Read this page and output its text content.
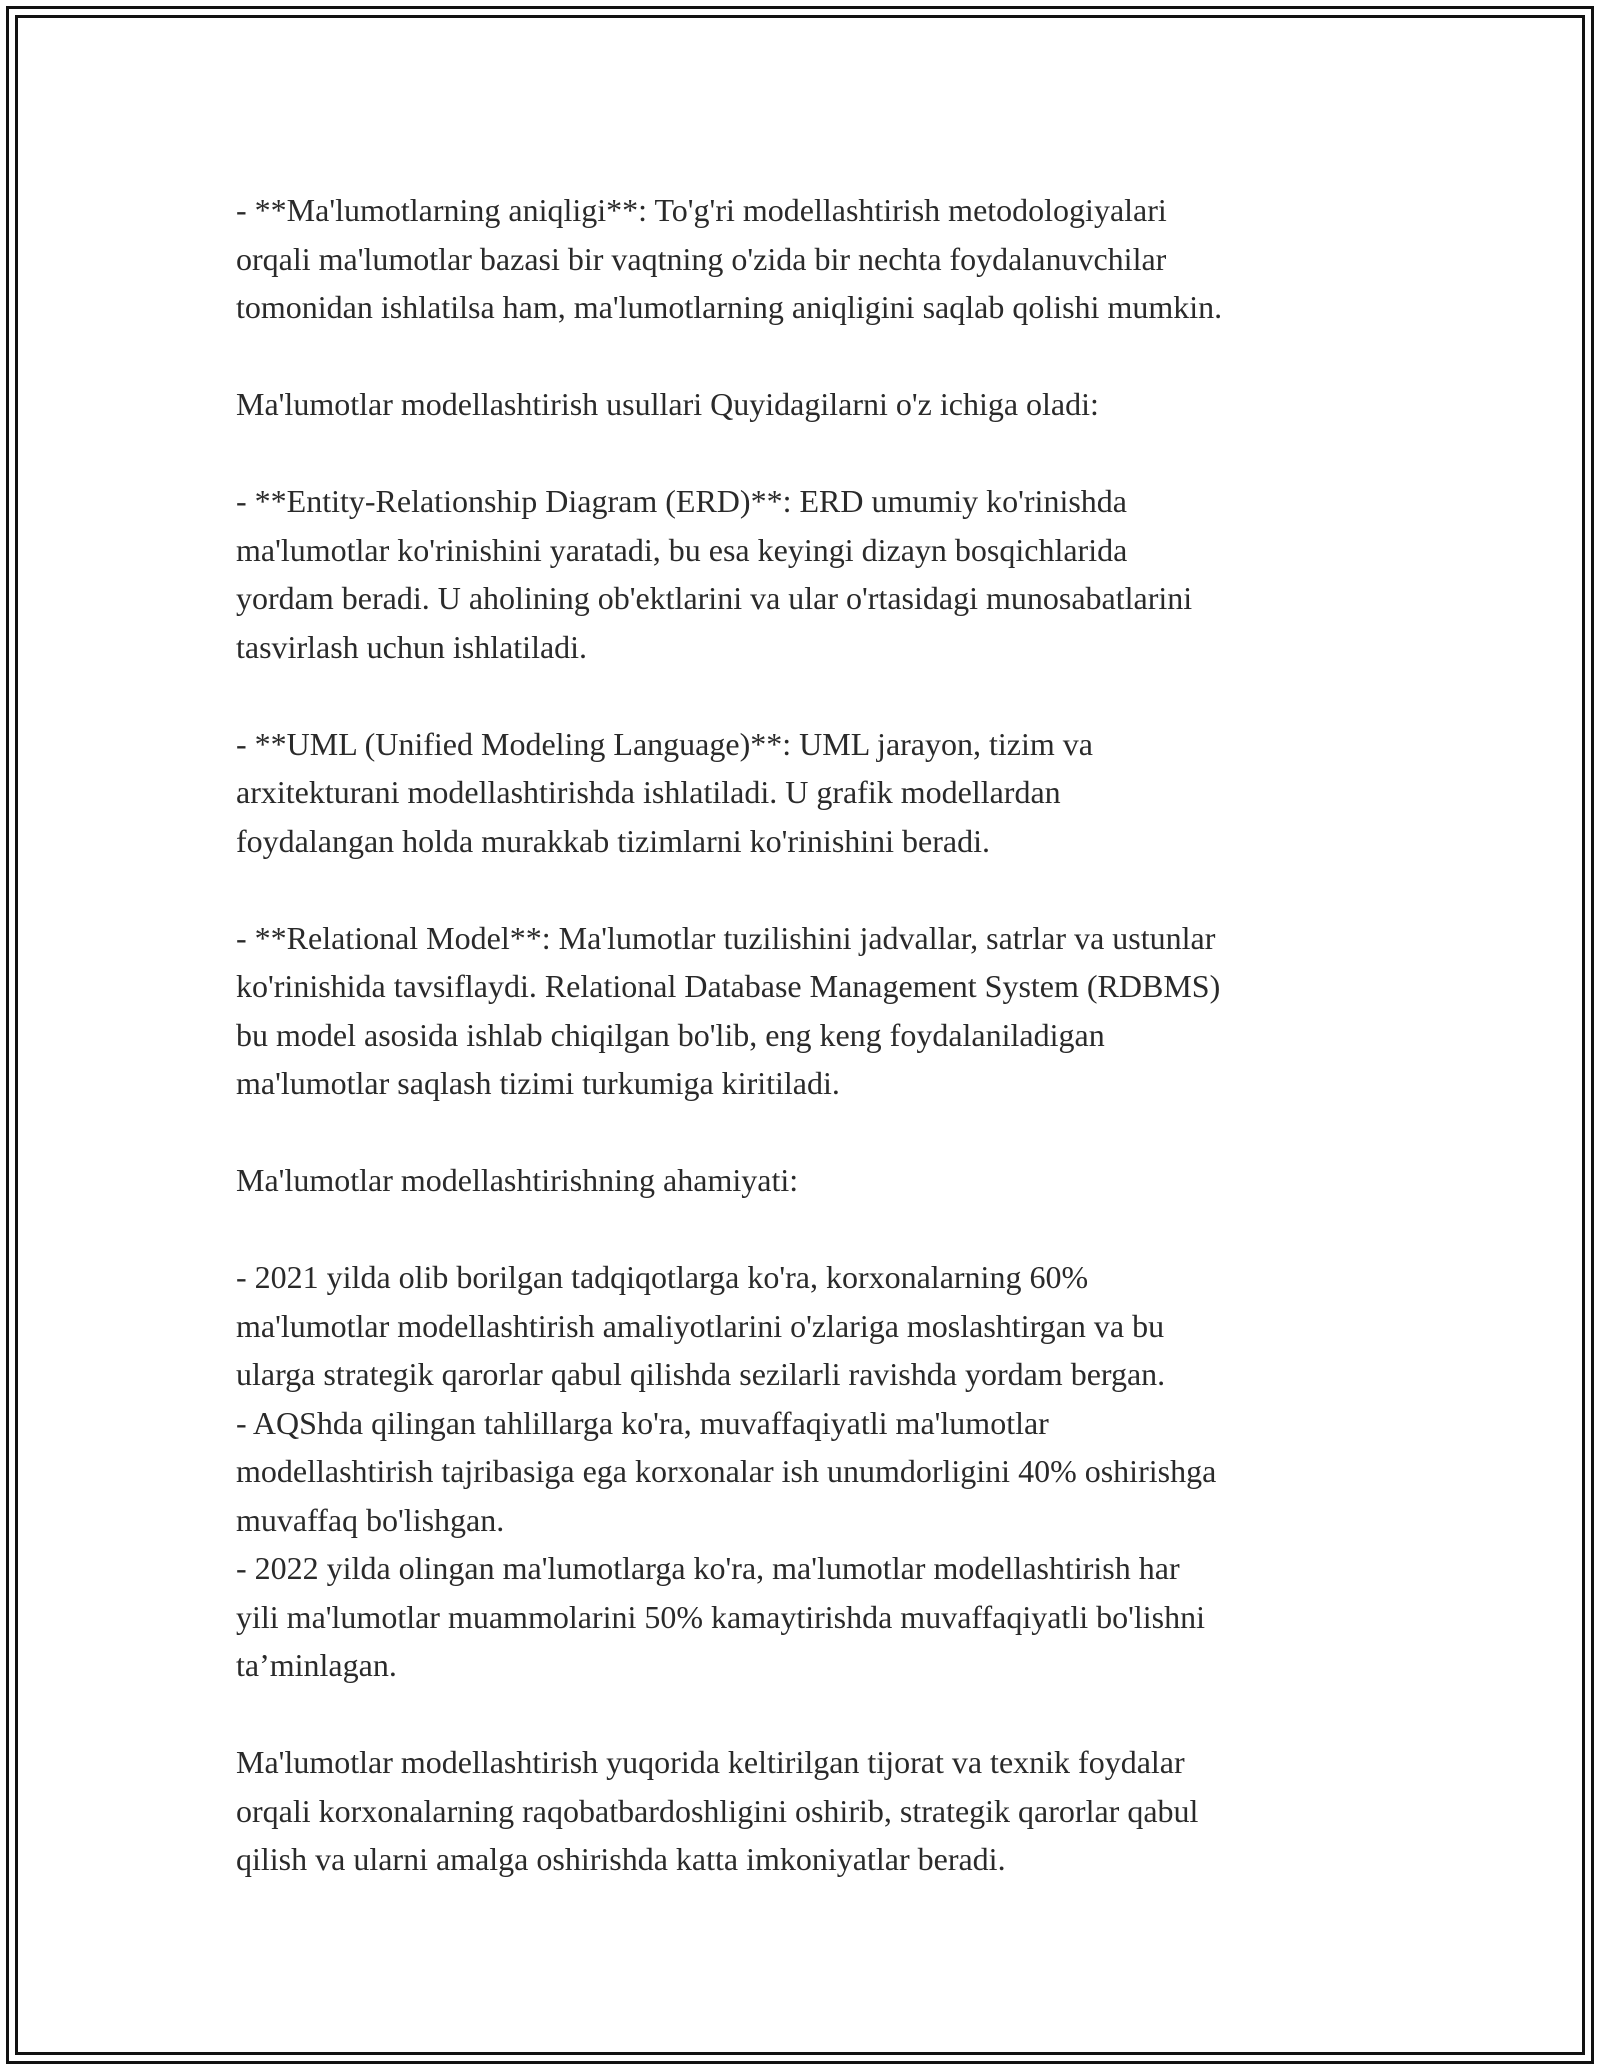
- **Ma'lumotlarning aniqligi**: To'g'ri modellashtirish metodologiyalari
orqali ma'lumotlar bazasi bir vaqtning o'zida bir nechta foydalanuvchilar
tomonidan ishlatilsa ham, ma'lumotlarning aniqligini saqlab qolishi mumkin.

Ma'lumotlar modellashtirish usullari Quyidagilarni o'z ichiga oladi:

- **Entity-Relationship Diagram (ERD)**: ERD umumiy ko'rinishda
ma'lumotlar ko'rinishini yaratadi, bu esa keyingi dizayn bosqichlarida
yordam beradi. U aholining ob'ektlarini va ular o'rtasidagi munosabatlarini
tasvirlash uchun ishlatiladi.

- **UML (Unified Modeling Language)**: UML jarayon, tizim va
arxitekturani modellashtirishda ishlatiladi. U grafik modellardan
foydalangan holda murakkab tizimlarni ko'rinishini beradi.

- **Relational Model**: Ma'lumotlar tuzilishini jadvallar, satrlar va ustunlar
ko'rinishida tavsiflaydi. Relational Database Management System (RDBMS)
bu model asosida ishlab chiqilgan bo'lib, eng keng foydalaniladigan
ma'lumotlar saqlash tizimi turkumiga kiritiladi.

Ma'lumotlar modellashtirishning ahamiyati:

- 2021 yilda olib borilgan tadqiqotlarga ko'ra, korxonalarning 60%
ma'lumotlar modellashtirish amaliyotlarini o'zlariga moslashtirgan va bu
ularga strategik qarorlar qabul qilishda sezilarli ravishda yordam bergan.
- AQShda qilingan tahlillarga ko'ra, muvaffaqiyatli ma'lumotlar
modellashtirish tajribasiga ega korxonalar ish unumdorligini 40% oshirishga
muvaffaq bo'lishgan.
- 2022 yilda olingan ma'lumotlarga ko'ra, ma'lumotlar modellashtirish har
yili ma'lumotlar muammolarini 50% kamaytirishda muvaffaqiyatli bo'lishni
ta’minlagan.

Ma'lumotlar modellashtirish yuqorida keltirilgan tijorat va texnik foydalar
orqali korxonalarning raqobatbardoshligini oshirib, strategik qarorlar qabul
qilish va ularni amalga oshirishda katta imkoniyatlar beradi.
